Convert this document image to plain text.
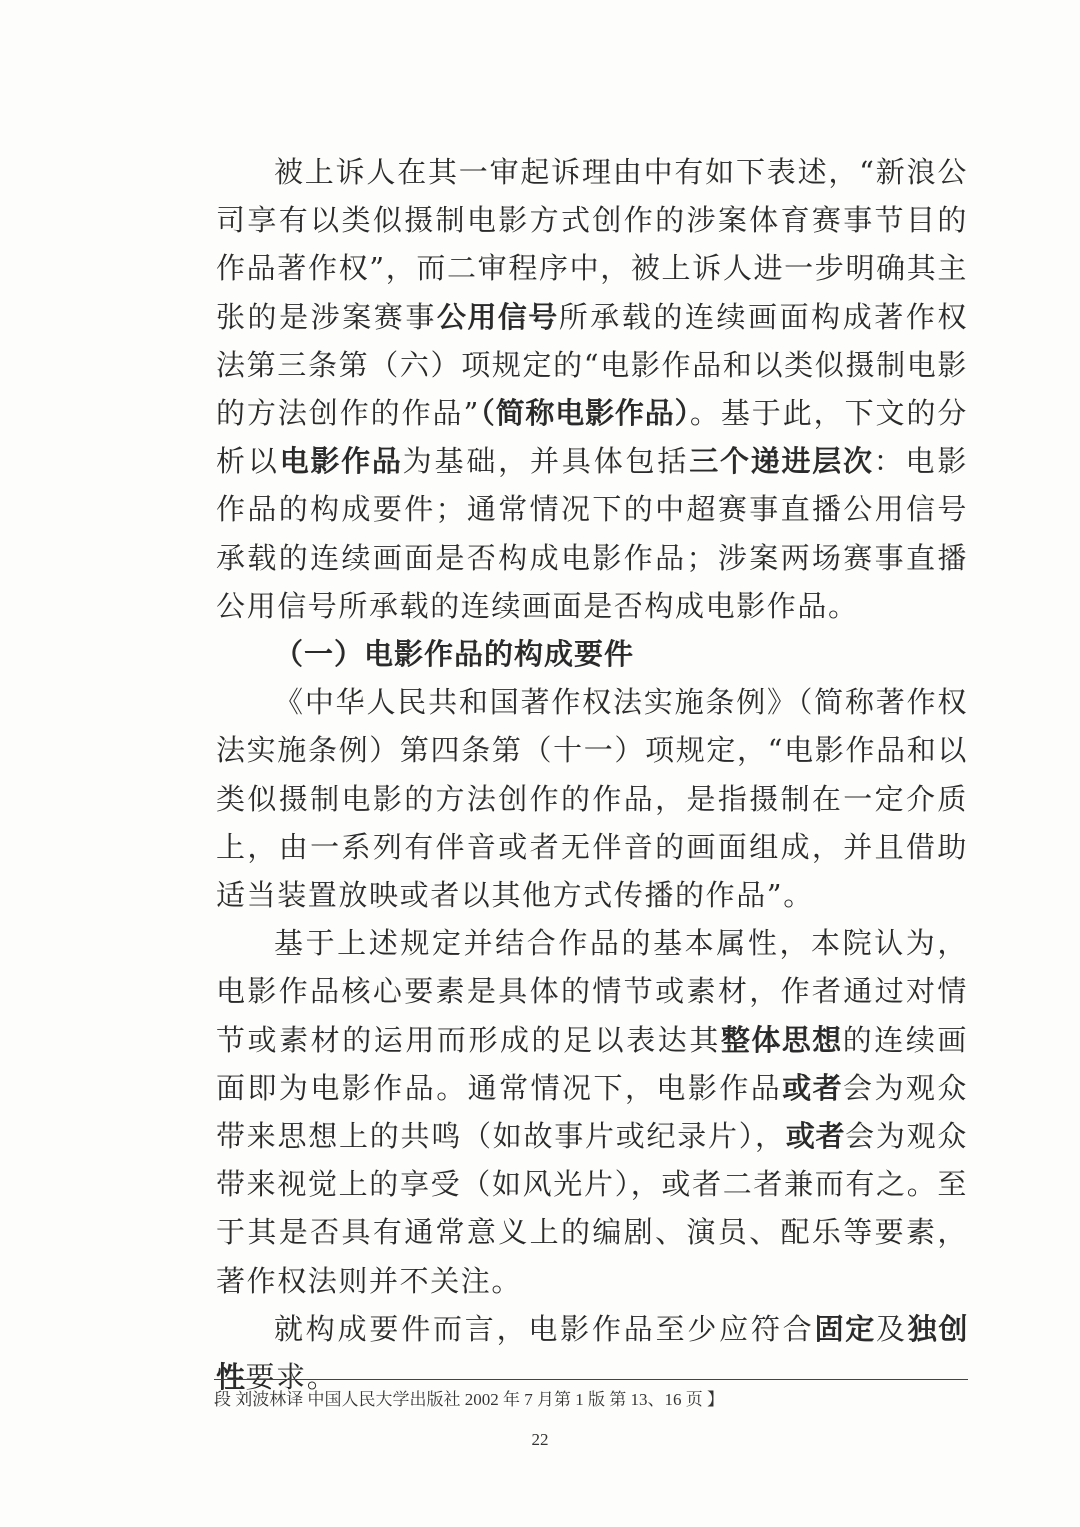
被上诉人在其一审起诉理由中有如下表述，“新浪公司享有以类似摄制电影方式创作的涉案体育赛事节目的作品著作权”，而二审程序中，被上诉人进一步明确其主张的是涉案赛事公用信号所承载的连续画面构成著作权法第三条第（六）项规定的“电影作品和以类似摄制电影的方法创作的作品”（简称电影作品）。基于此，下文的分析以电影作品为基础，并具体包括三个递进层次：电影作品的构成要件；通常情况下的中超赛事直播公用信号承载的连续画面是否构成电影作品；涉案两场赛事直播公用信号所承载的连续画面是否构成电影作品。

（一）电影作品的构成要件

《中华人民共和国著作权法实施条例》（简称著作权法实施条例）第四条第（十一）项规定，“电影作品和以类似摄制电影的方法创作的作品，是指摄制在一定介质上，由一系列有伴音或者无伴音的画面组成，并且借助适当装置放映或者以其他方式传播的作品”。

基于上述规定并结合作品的基本属性，本院认为，电影作品核心要素是具体的情节或素材，作者通过对情节或素材的运用而形成的足以表达其整体思想的连续画面即为电影作品。通常情况下，电影作品或者会为观众带来思想上的共鸣（如故事片或纪录片），或者会为观众带来视觉上的享受（如风光片），或者二者兼而有之。至于其是否具有通常意义上的编剧、演员、配乐等要素，著作权法则并不关注。

就构成要件而言，电影作品至少应符合固定及独创性要求。

段 刘波林译 中国人民大学出版社 2002 年 7 月第 1 版 第 13、16 页 】
22
